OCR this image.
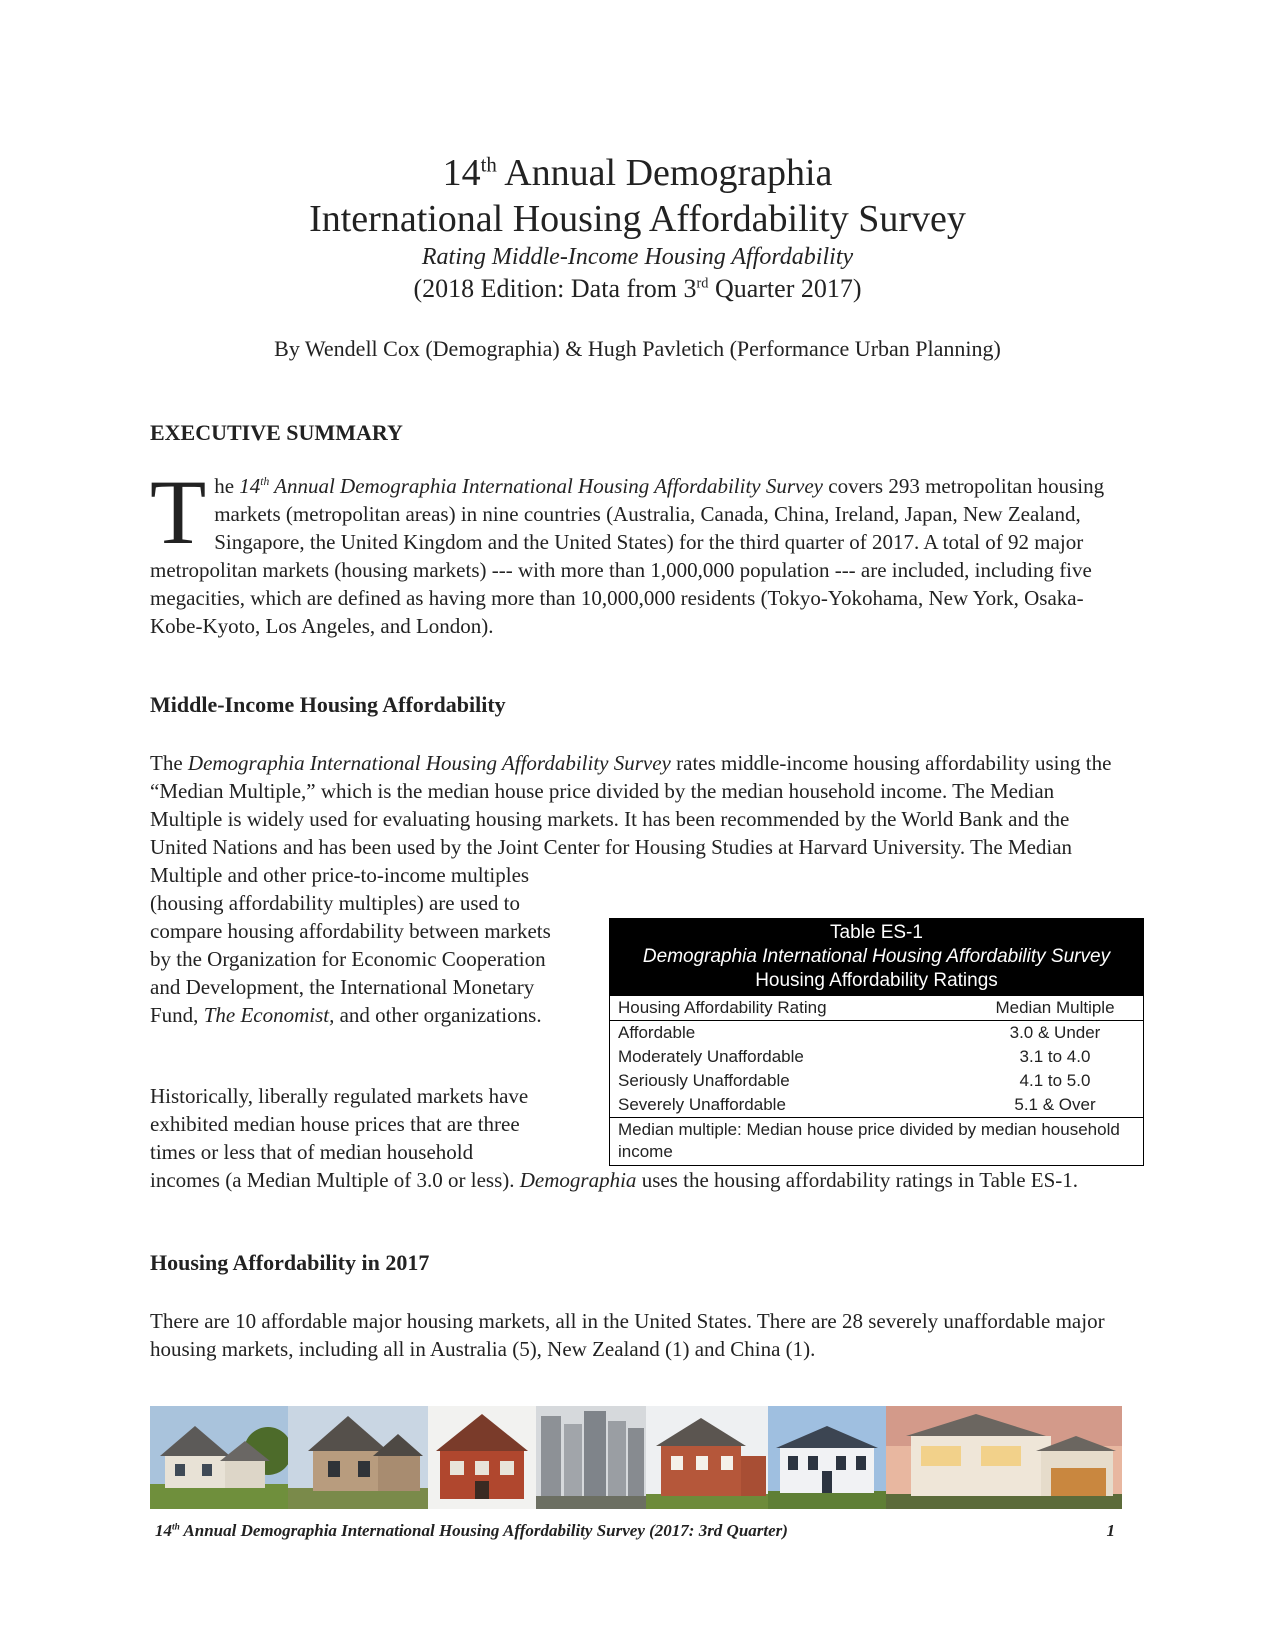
14th Annual Demographia
International Housing Affordability Survey
Rating Middle-Income Housing Affordability
(2018 Edition: Data from 3rd Quarter 2017)
By Wendell Cox (Demographia) & Hugh Pavletich (Performance Urban Planning)
EXECUTIVE SUMMARY
The 14th Annual Demographia International Housing Affordability Survey covers 293 metropolitan housing markets (metropolitan areas) in nine countries (Australia, Canada, China, Ireland, Japan, New Zealand, Singapore, the United Kingdom and the United States) for the third quarter of 2017. A total of 92 major metropolitan markets (housing markets) --- with more than 1,000,000 population --- are included, including five megacities, which are defined as having more than 10,000,000 residents (Tokyo-Yokohama, New York, Osaka-Kobe-Kyoto, Los Angeles, and London).
Middle-Income Housing Affordability
The Demographia International Housing Affordability Survey rates middle-income housing affordability using the “Median Multiple,” which is the median house price divided by the median household income. The Median Multiple is widely used for evaluating housing markets. It has been recommended by the World Bank and the United Nations and has been used by the Joint Center for Housing Studies at Harvard University. The Median Multiple and other price-to-income multiples
(housing affordability multiples) are used to compare housing affordability between markets by the Organization for Economic Cooperation and Development, the International Monetary Fund, The Economist, and other organizations.
Historically, liberally regulated markets have exhibited median house prices that are three times or less that of median household
incomes (a Median Multiple of 3.0 or less). Demographia uses the housing affordability ratings in Table ES-1.
Table ES-1
Demographia International Housing Affordability Survey
Housing Affordability Ratings
Housing Affordability Rating	Median Multiple
Affordable	3.0 & Under
Moderately Unaffordable	3.1 to 4.0
Seriously Unaffordable	4.1 to 5.0
Severely Unaffordable	5.1 & Over
Median multiple: Median house price divided by median household income
Housing Affordability in 2017
There are 10 affordable major housing markets, all in the United States. There are 28 severely unaffordable major housing markets, including all in Australia (5), New Zealand (1) and China (1).
14th Annual Demographia International Housing Affordability Survey (2017: 3rd Quarter)	1
